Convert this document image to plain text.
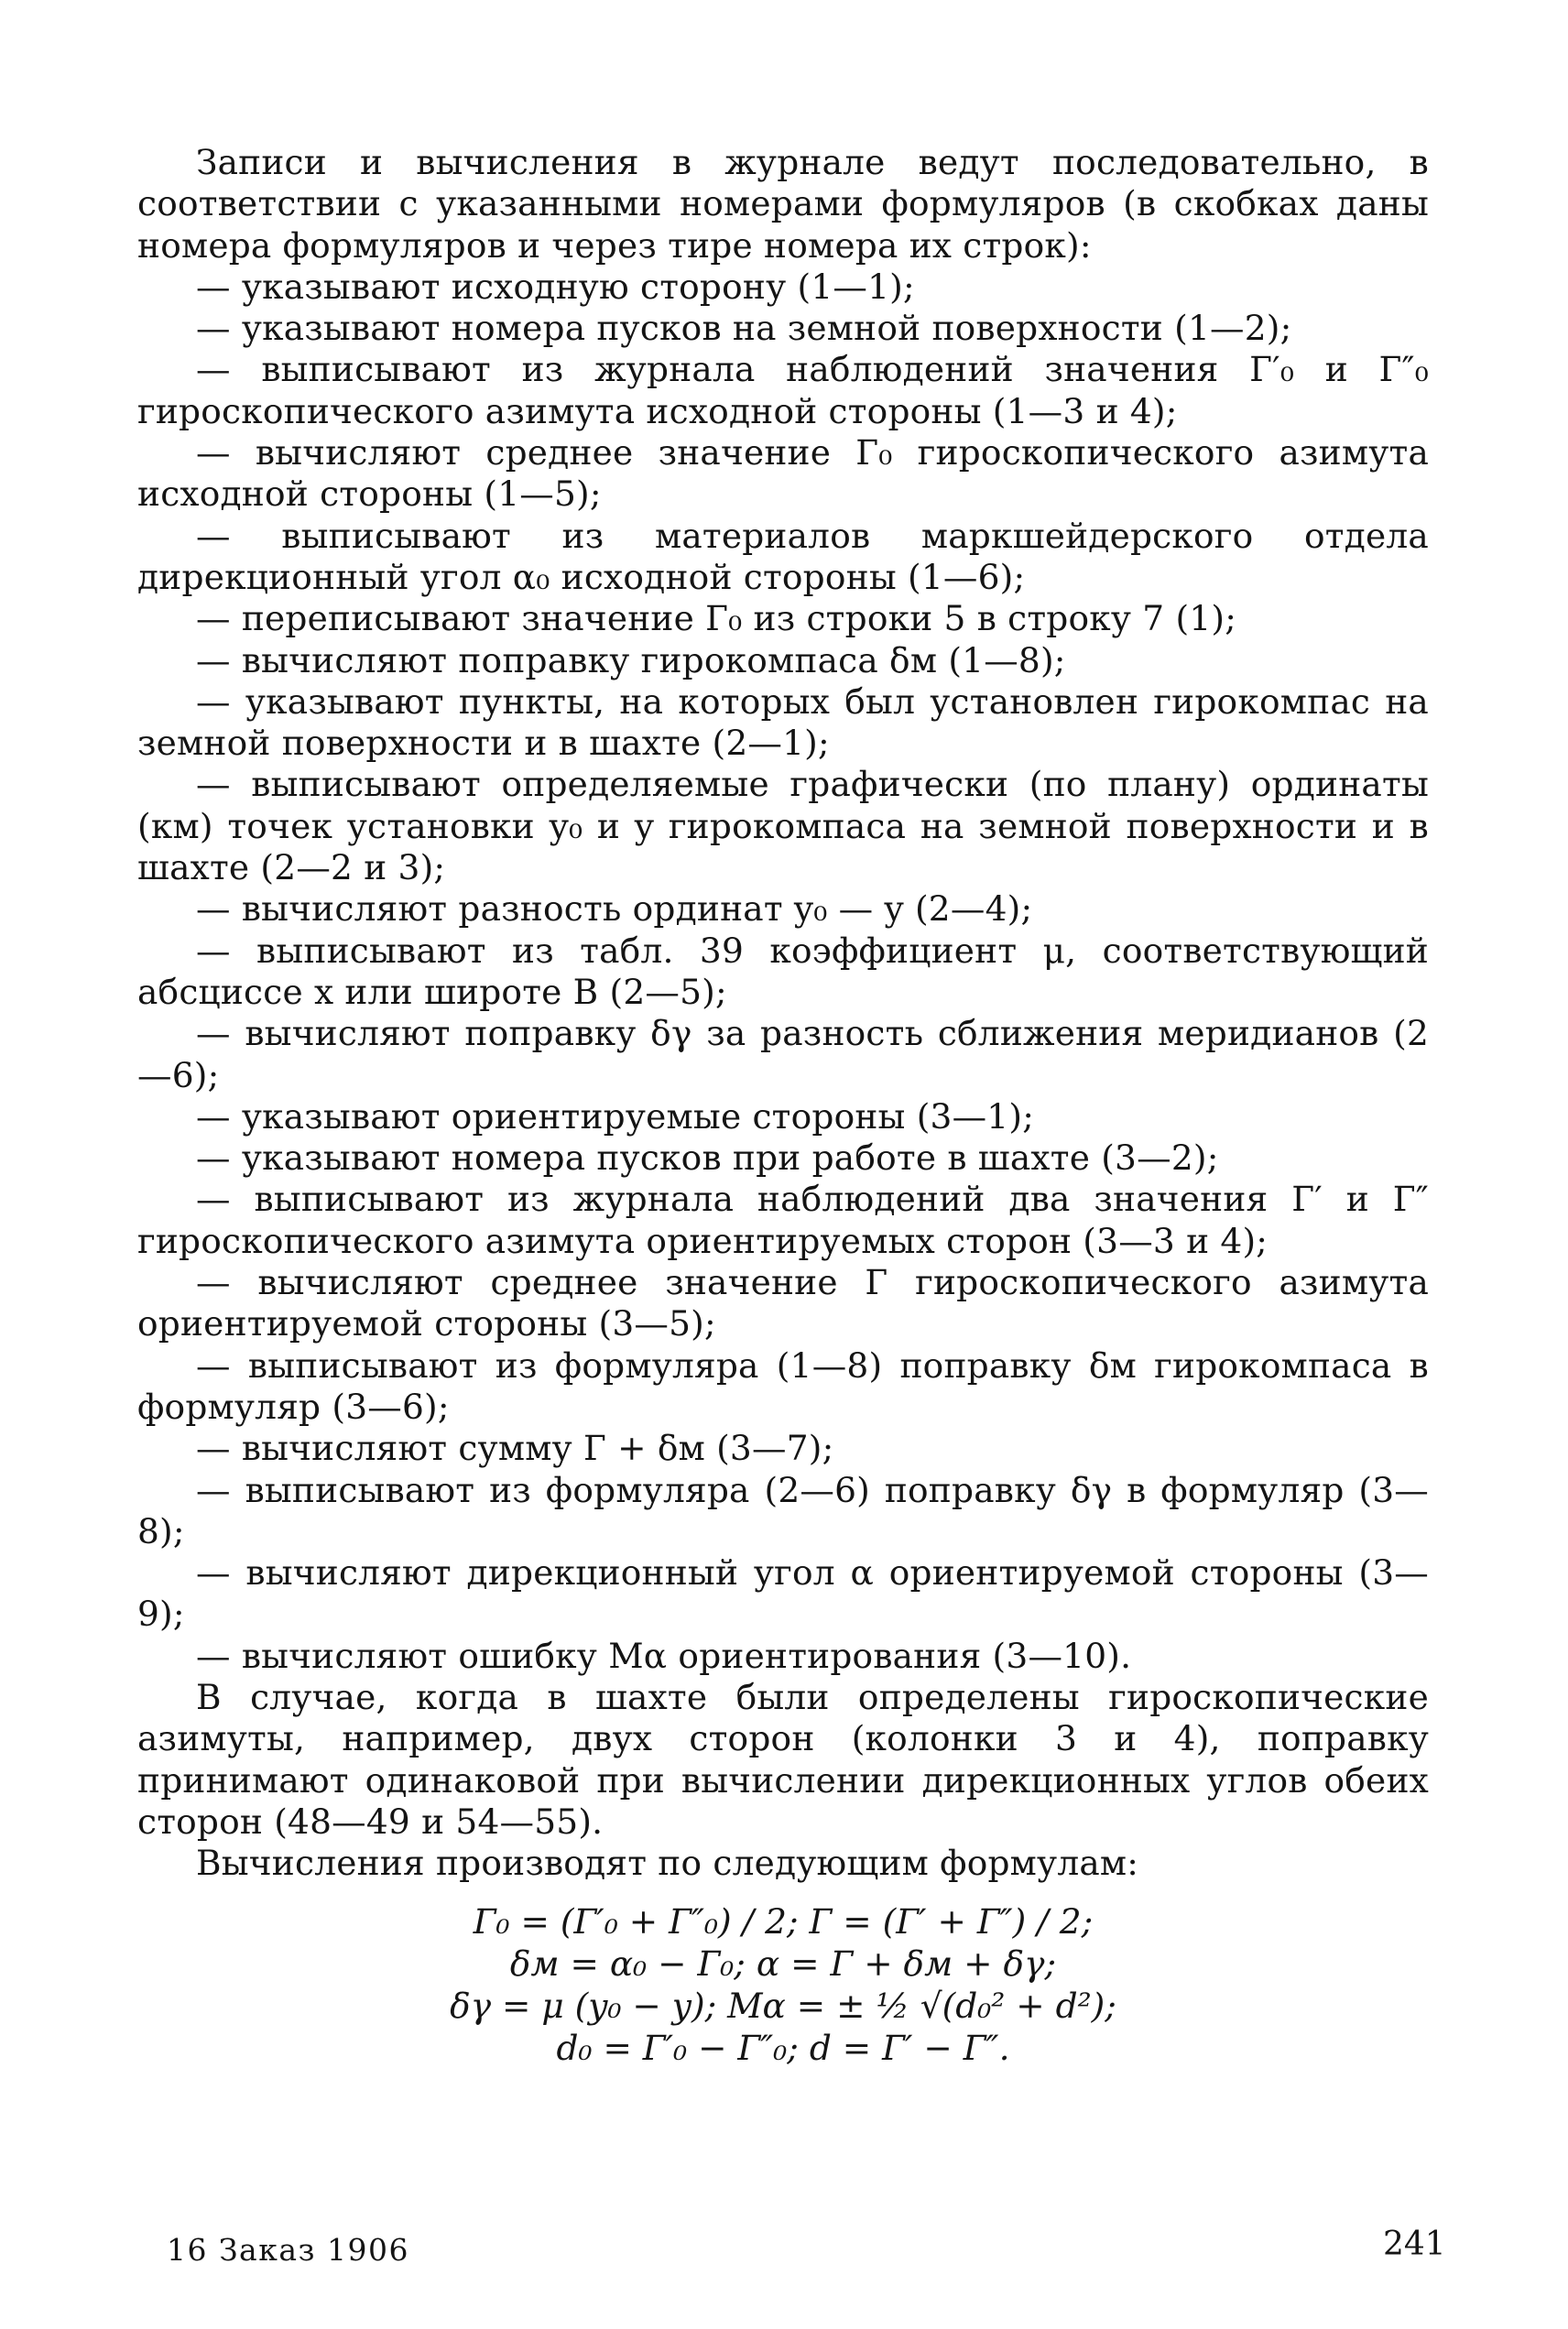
Записи и вычисления в журнале ведут последовательно, в соответствии с указанными номерами формуляров (в скобках даны номера формуляров и через тире номера их строк):

— указывают исходную сторону (1—1);

— указывают номера пусков на земной поверхности (1—2);

— выписывают из журнала наблюдений значения Г′₀ и Г″₀ гироскопического азимута исходной стороны (1—3 и 4);

— вычисляют среднее значение Г₀ гироскопического азимута исходной стороны (1—5);

— выписывают из материалов маркшейдерского отдела дирекционный угол α₀ исходной стороны (1—6);

— переписывают значение Г₀ из строки 5 в строку 7 (1);

— вычисляют поправку гирокомпаса δм (1—8);

— указывают пункты, на которых был установлен гирокомпас на земной поверхности и в шахте (2—1);

— выписывают определяемые графически (по плану) ординаты (км) точек установки y₀ и y гирокомпаса на земной поверхности и в шахте (2—2 и 3);

— вычисляют разность ординат y₀ — y (2—4);

— выписывают из табл. 39 коэффициент μ, соответствующий абсциссе x или широте B (2—5);

— вычисляют поправку δγ за разность сближения меридианов (2—6);

— указывают ориентируемые стороны (3—1);

— указывают номера пусков при работе в шахте (3—2);

— выписывают из журнала наблюдений два значения Г′ и Г″ гироскопического азимута ориентируемых сторон (3—3 и 4);

— вычисляют среднее значение Г гироскопического азимута ориентируемой стороны (3—5);

— выписывают из формуляра (1—8) поправку δм гирокомпаса в формуляр (3—6);

— вычисляют сумму Г + δм (3—7);

— выписывают из формуляра (2—6) поправку δγ в формуляр (3—8);

— вычисляют дирекционный угол α ориентируемой стороны (3—9);

— вычисляют ошибку Mα ориентирования (3—10).

В случае, когда в шахте были определены гироскопические азимуты, например, двух сторон (колонки 3 и 4), поправку принимают одинаковой при вычислении дирекционных углов обеих сторон (48—49 и 54—55).

Вычисления производят по следующим формулам:

Г₀ = (Г′₀ + Г″₀) / 2; Г = (Г′ + Г″) / 2;

δм = α₀ − Г₀; α = Г + δм + δγ;

δγ = μ (y₀ − y); Mα = ± ½ √(d₀² + d²);

d₀ = Г′₀ − Г″₀; d = Г′ − Г″.

16 Заказ 1906	241
